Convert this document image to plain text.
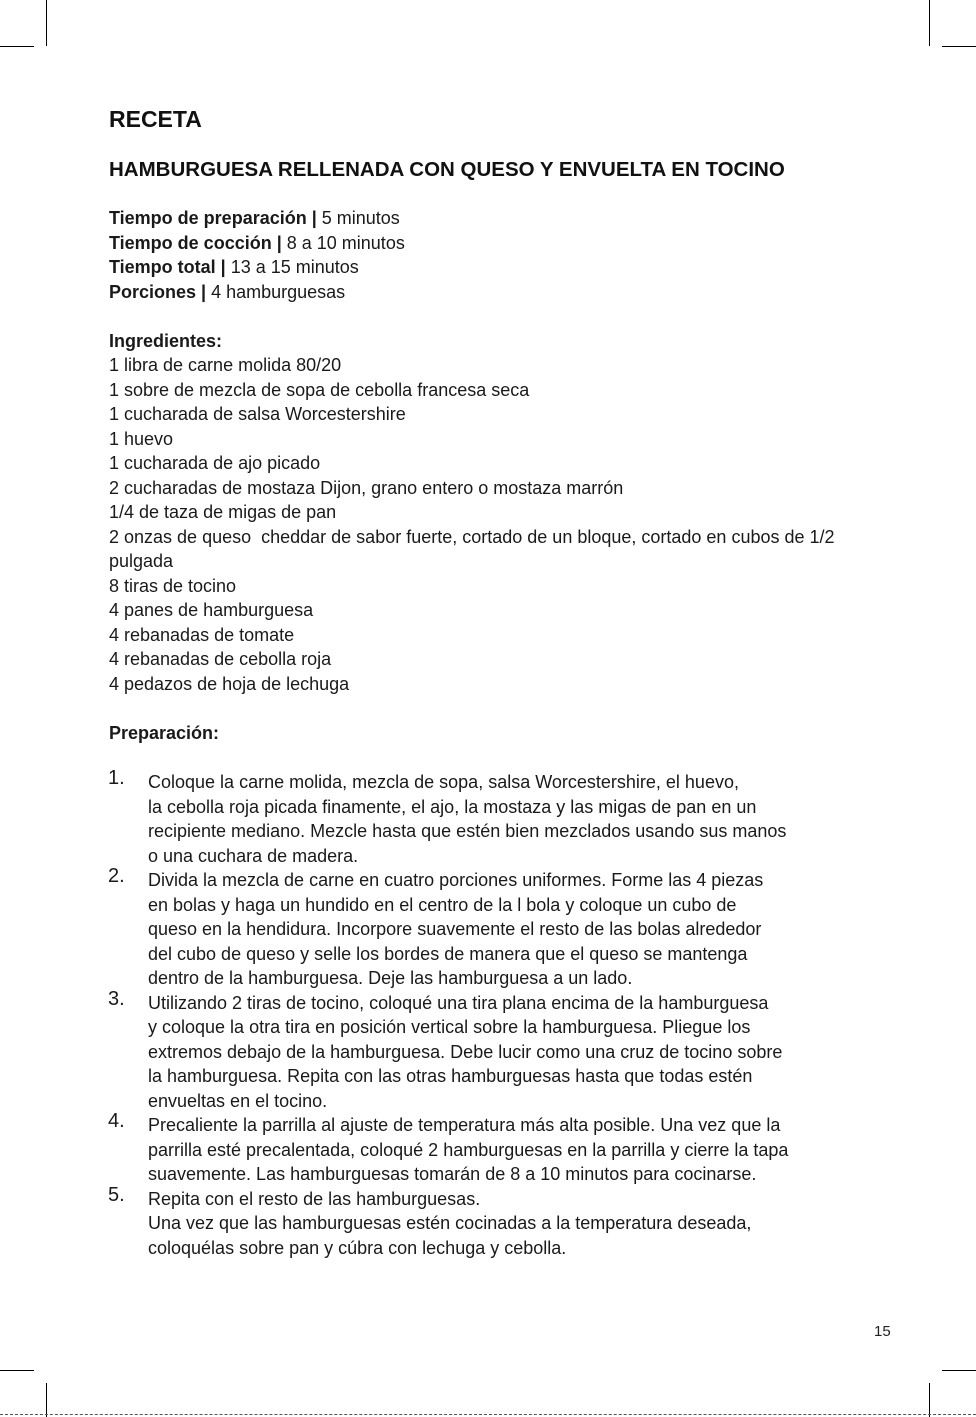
RECETA
HAMBURGUESA RELLENADA CON QUESO Y ENVUELTA EN TOCINO
Tiempo de preparación | 5 minutos
Tiempo de cocción | 8 a 10 minutos
Tiempo total | 13 a 15 minutos
Porciones | 4 hamburguesas
Ingredientes:
1 libra de carne molida 80/20
1 sobre de mezcla de sopa de cebolla francesa seca
1 cucharada de salsa Worcestershire
1 huevo
1 cucharada de ajo picado
2 cucharadas de mostaza Dijon, grano entero o mostaza marrón
1/4 de taza de migas de pan
2 onzas de queso  cheddar de sabor fuerte, cortado de un bloque, cortado en cubos de 1/2 pulgada
8 tiras de tocino
4 panes de hamburguesa
4 rebanadas de tomate
4 rebanadas de cebolla roja
4 pedazos de hoja de lechuga
Preparación:
1. Coloque la carne molida, mezcla de sopa, salsa Worcestershire, el huevo,
la cebolla roja picada finamente, el ajo, la mostaza y las migas de pan en un
recipiente mediano. Mezcle hasta que estén bien mezclados usando sus manos
o una cuchara de madera.
2. Divida la mezcla de carne en cuatro porciones uniformes. Forme las 4 piezas
en bolas y haga un hundido en el centro de la l bola y coloque un cubo de
queso en la hendidura. Incorpore suavemente el resto de las bolas alrededor
del cubo de queso y selle los bordes de manera que el queso se mantenga
dentro de la hamburguesa. Deje las hamburguesa a un lado.
3. Utilizando 2 tiras de tocino, coloqué una tira plana encima de la hamburguesa
y coloque la otra tira en posición vertical sobre la hamburguesa. Pliegue los
extremos debajo de la hamburguesa. Debe lucir como una cruz de tocino sobre
la hamburguesa. Repita con las otras hamburguesas hasta que todas estén
envueltas en el tocino.
4. Precaliente la parrilla al ajuste de temperatura más alta posible. Una vez que la
parrilla esté precalentada, coloqué 2 hamburguesas en la parrilla y cierre la tapa
suavemente. Las hamburguesas tomarán de 8 a 10 minutos para cocinarse.
5. Repita con el resto de las hamburguesas.
Una vez que las hamburguesas estén cocinadas a la temperatura deseada,
coloquélas sobre pan y cúbra con lechuga y cebolla.
15
